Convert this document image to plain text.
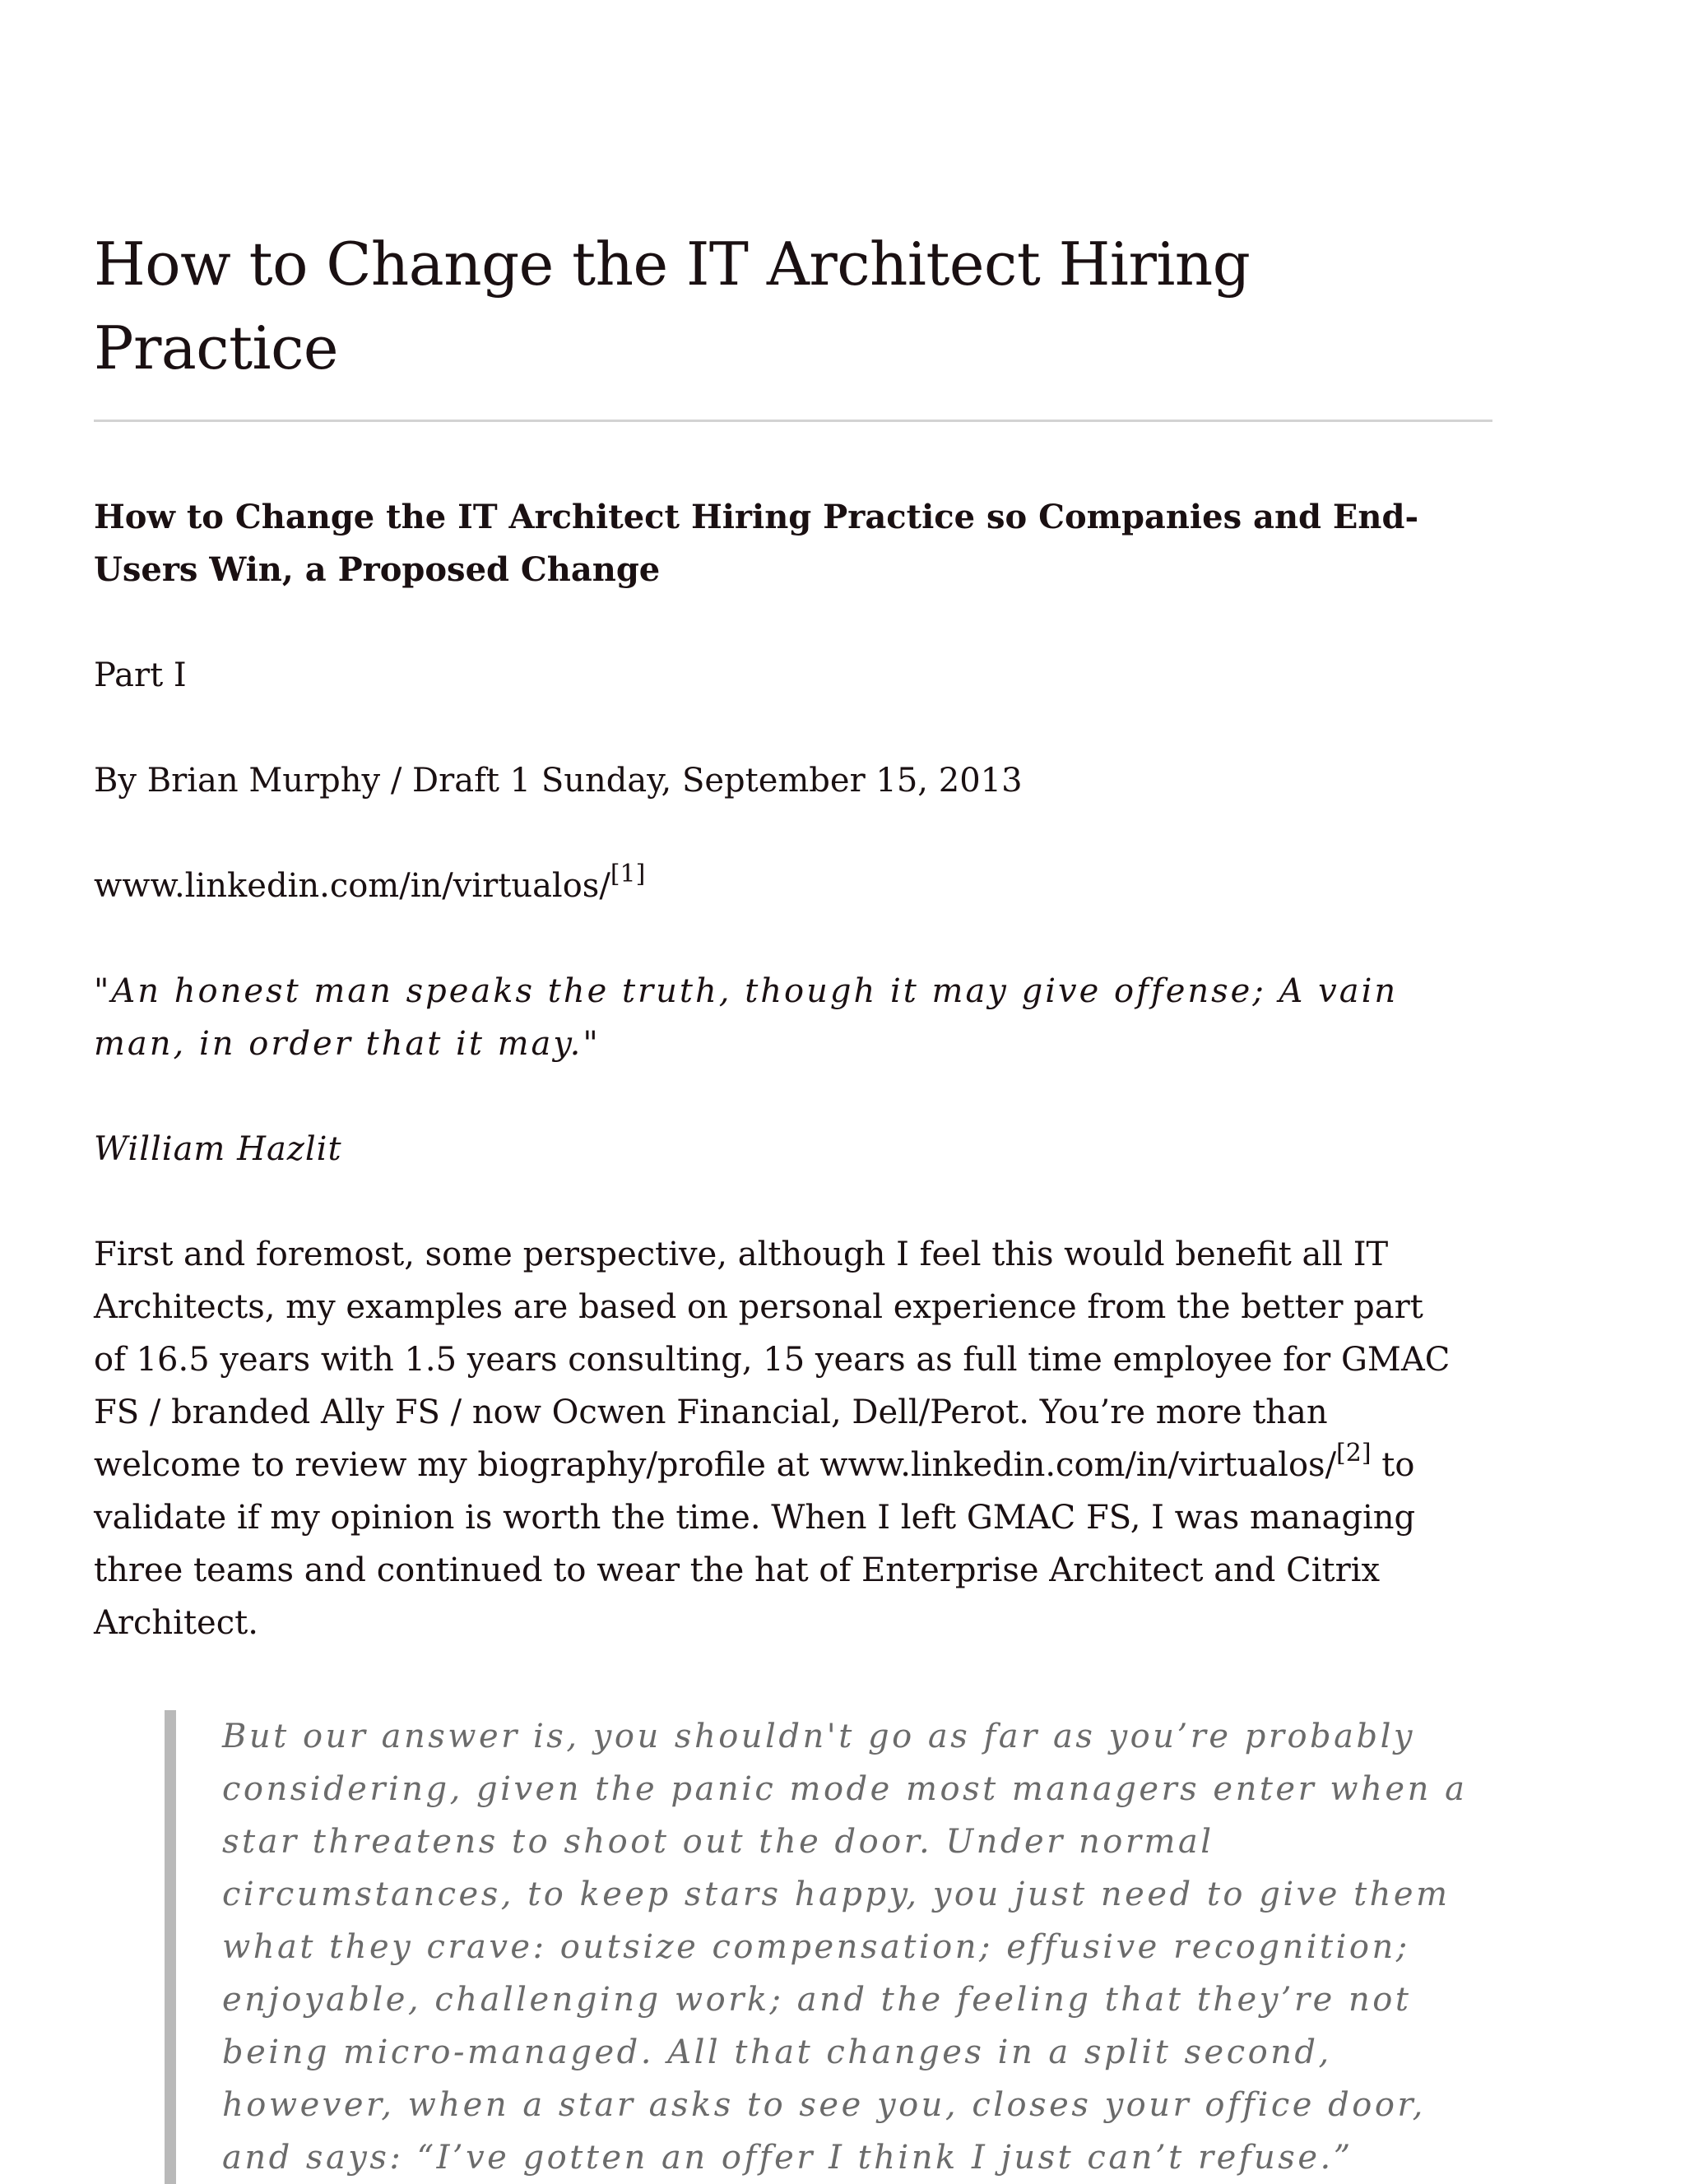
How to Change the IT Architect Hiring Practice

How to Change the IT Architect Hiring Practice so Companies and End-Users Win, a Proposed Change

Part I

By Brian Murphy / Draft 1 Sunday, September 15, 2013

www.linkedin.com/in/virtualos/[1]

"An honest man speaks the truth, though it may give offense; A vain man, in order that it may."

William Hazlit

First and foremost, some perspective, although I feel this would benefit all IT Architects, my examples are based on personal experience from the better part of 16.5 years with 1.5 years consulting, 15 years as full time employee for GMAC FS / branded Ally FS / now Ocwen Financial, Dell/Perot. You’re more than welcome to review my biography/profile at www.linkedin.com/in/virtualos/[2] to validate if my opinion is worth the time. When I left GMAC FS, I was managing three teams and continued to wear the hat of Enterprise Architect and Citrix Architect.

But our answer is, you shouldn't go as far as you’re probably considering, given the panic mode most managers enter when a star threatens to shoot out the door. Under normal circumstances, to keep stars happy, you just need to give them what they crave: outsize compensation; effusive recognition; enjoyable, challenging work; and the feeling that they’re not being micro-managed. All that changes in a split second, however, when a star asks to see you, closes your office door, and says: “I’ve gotten an offer I think I just can’t refuse.”
